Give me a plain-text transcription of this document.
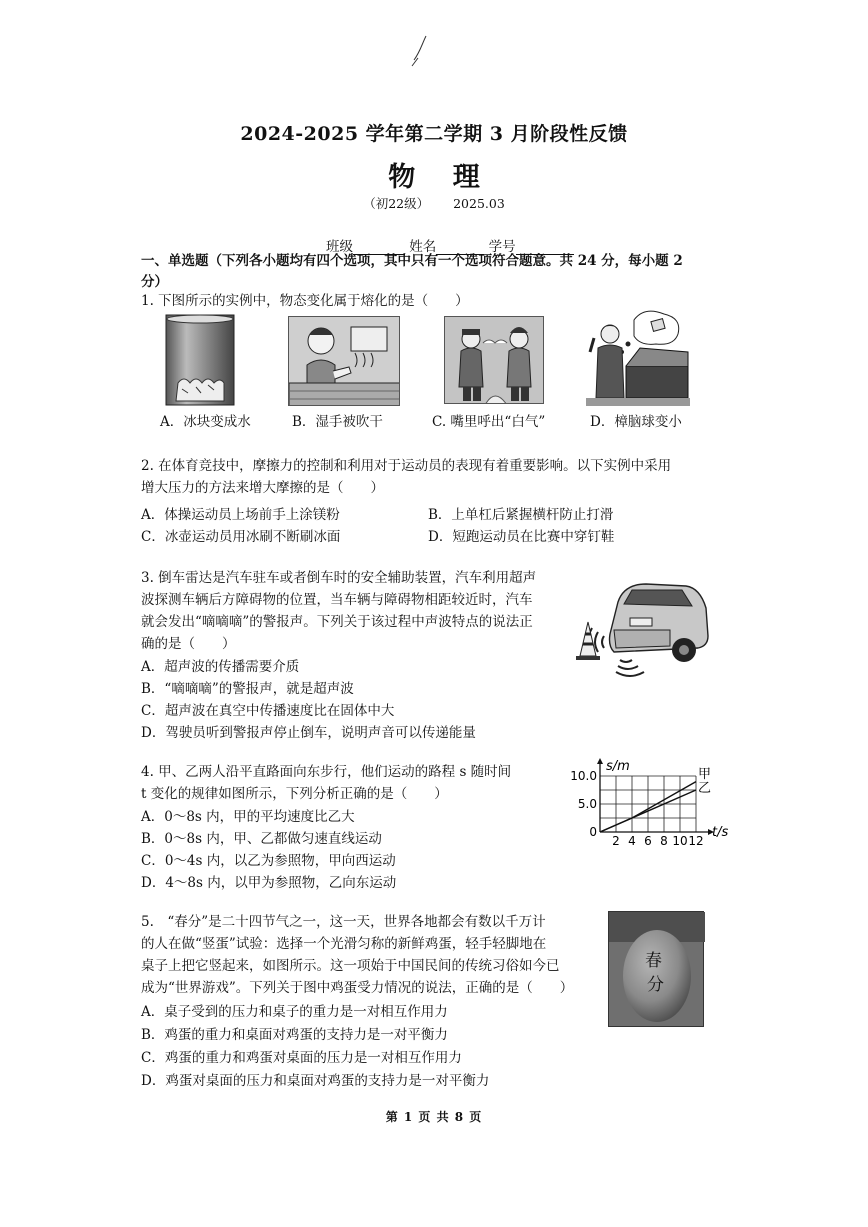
2024-2025 学年第二学期 3 月阶段性反馈
物 理
（初22级） 2025.03
班级	姓名	学号
一、单选题（下列各小题均有四个选项，其中只有一个选项符合题意。共 24 分，每小题 2
分）
1. 下图所示的实例中，物态变化属于熔化的是（　　）
A．冰块变成水	B．湿手被吹干	C. 嘴里呼出“白气”	D．樟脑球变小
2. 在体育竞技中，摩擦力的控制和利用对于运动员的表现有着重要影响。以下实例中采用
增大压力的方法来增大摩擦的是（　　）
A．体操运动员上场前手上涂镁粉	B．上单杠后紧握横杆防止打滑
C．冰壶运动员用冰刷不断刷冰面	D．短跑运动员在比赛中穿钉鞋
3. 倒车雷达是汽车驻车或者倒车时的安全辅助装置，汽车利用超声
波探测车辆后方障碍物的位置，当车辆与障碍物相距较近时，汽车
就会发出“嘀嘀嘀”的警报声。下列关于该过程中声波特点的说法正
确的是（　　）
A．超声波的传播需要介质
B．“嘀嘀嘀”的警报声，就是超声波
C．超声波在真空中传播速度比在固体中大
D．驾驶员听到警报声停止倒车，说明声音可以传递能量
4. 甲、乙两人沿平直路面向东步行，他们运动的路程 s 随时间
t 变化的规律如图所示，下列分析正确的是（　　）
A．0～8s 内，甲的平均速度比乙大
B．0～8s 内，甲、乙都做匀速直线运动
C．0～4s 内，以乙为参照物，甲向西运动
D．4～8s 内，以甲为参照物，乙向东运动
2 4 6 8 10 12
0
5.0
10.0	甲
乙
s/m
t/s
5.　“春分”是二十四节气之一，这一天，世界各地都会有数以千万计
的人在做“竖蛋”试验：选择一个光滑匀称的新鲜鸡蛋，轻手轻脚地在
桌子上把它竖起来，如图所示。这一项始于中国民间的传统习俗如今已
成为“世界游戏”。下列关于图中鸡蛋受力情况的说法，正确的是（　　）
A．桌子受到的压力和桌子的重力是一对相互作用力
B．鸡蛋的重力和桌面对鸡蛋的支持力是一对平衡力
C．鸡蛋的重力和鸡蛋对桌面的压力是一对相互作用力
D．鸡蛋对桌面的压力和桌面对鸡蛋的支持力是一对平衡力
春
分
第 1 页 共 8 页
